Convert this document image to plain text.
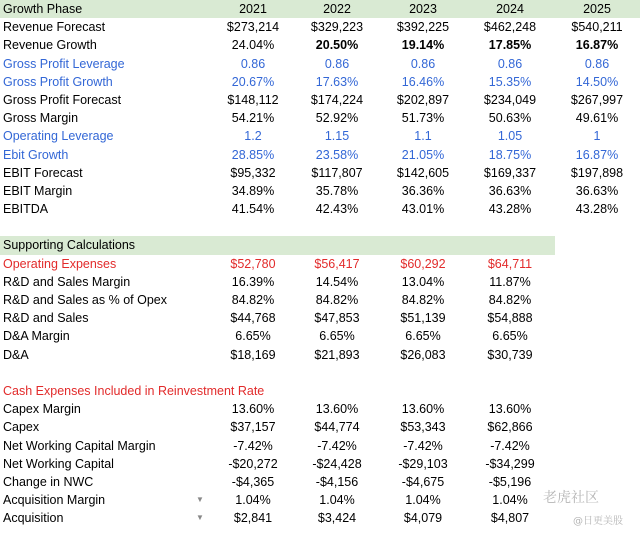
Growth Phase	2021	2022	2023	2024	2025
Revenue Forecast	$273,214	$329,223	$392,225	$462,248	$540,211
Revenue Growth	24.04%	20.50%	19.14%	17.85%	16.87%
Gross Profit Leverage	0.86	0.86	0.86	0.86	0.86
Gross Profit Growth	20.67%	17.63%	16.46%	15.35%	14.50%
Gross Profit Forecast	$148,112	$174,224	$202,897	$234,049	$267,997
Gross Margin	54.21%	52.92%	51.73%	50.63%	49.61%
Operating Leverage	1.2	1.15	1.1	1.05	1
Ebit Growth	28.85%	23.58%	21.05%	18.75%	16.87%
EBIT Forecast	$95,332	$117,807	$142,605	$169,337	$197,898
EBIT Margin	34.89%	35.78%	36.36%	36.63%	36.63%
EBITDA	41.54%	42.43%	43.01%	43.28%	43.28%
Supporting Calculations
Operating Expenses	$52,780	$56,417	$60,292	$64,711
R&D and Sales Margin	16.39%	14.54%	13.04%	11.87%
R&D and Sales as % of Opex	84.82%	84.82%	84.82%	84.82%
R&D and Sales	$44,768	$47,853	$51,139	$54,888
D&A Margin	6.65%	6.65%	6.65%	6.65%
D&A	$18,169	$21,893	$26,083	$30,739
Cash Expenses Included in Reinvestment Rate
Capex Margin	13.60%	13.60%	13.60%	13.60%
Capex	$37,157	$44,774	$53,343	$62,866
Net Working Capital Margin	-7.42%	-7.42%	-7.42%	-7.42%
Net Working Capital	-$20,272	-$24,428	-$29,103	-$34,299
Change in NWC	-$4,365	-$4,156	-$4,675	-$5,196
Acquisition Margin	▼	1.04%	1.04%	1.04%	1.04%
Acquisition	▼	$2,841	$3,424	$4,079	$4,807
老虎社区
@日更美股
